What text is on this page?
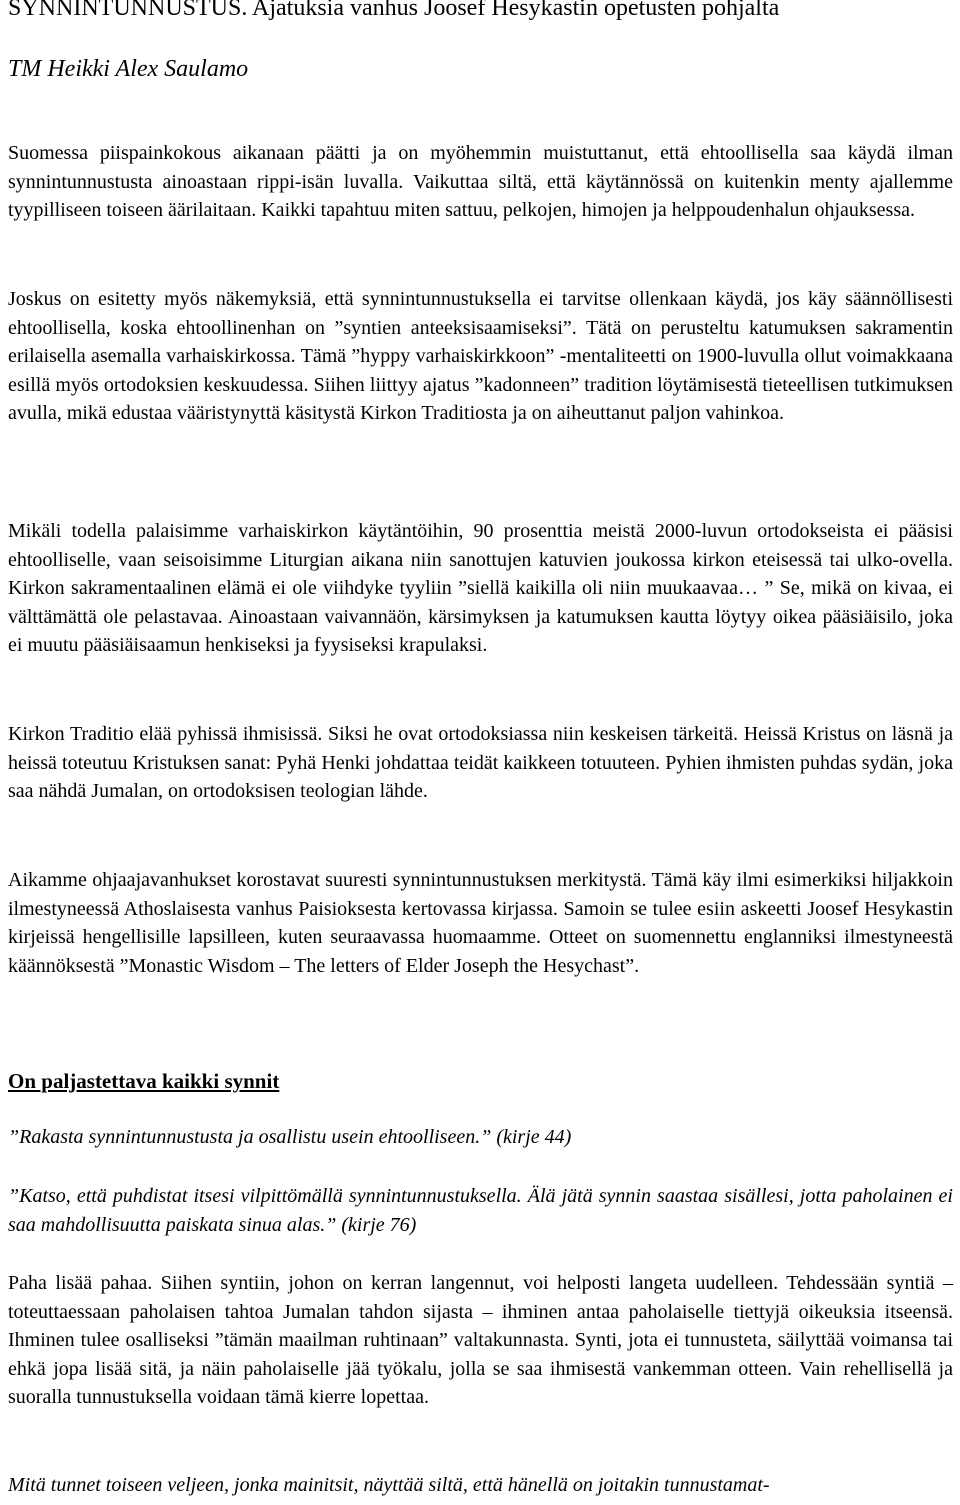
SYNNINTUNNUSTUS. Ajatuksia vanhus Joosef Hesykastin opetusten pohjalta
TM Heikki Alex Saulamo

Suomessa piispainkokous aikanaan päätti ja on myöhemmin muistuttanut, että ehtoollisella saa käydä ilman synnintunnustusta ainoastaan rippi-isän luvalla. Vaikuttaa siltä, että käytännössä on kuitenkin menty ajallemme tyypilliseen toiseen äärilaitaan. Kaikki tapahtuu miten sattuu, pelkojen, himojen ja helppoudenhalun ohjauksessa.

Joskus on esitetty myös näkemyksiä, että synnintunnustuksella ei tarvitse ollenkaan käydä, jos käy säännöllisesti ehtoollisella, koska ehtoollinenhan on ”syntien anteeksisaamiseksi”. Tätä on perusteltu katumuksen sakramentin erilaisella asemalla varhaiskirkossa. Tämä ”hyppy varhaiskirkkoon” -mentaliteetti on 1900-luvulla ollut voimakkaana esillä myös ortodoksien keskuudessa. Siihen liittyy ajatus ”kadonneen” tradition löytämisestä tieteellisen tutkimuksen avulla, mikä edustaa vääristynyttä käsitystä Kirkon Traditiosta ja on aiheuttanut paljon vahinkoa.

Mikäli todella palaisimme varhaiskirkon käytäntöihin, 90 prosenttia meistä 2000-luvun ortodokseista ei pääsisi ehtoolliselle, vaan seisoisimme Liturgian aikana niin sanottujen katuvien joukossa kirkon eteisessä tai ulko-ovella. Kirkon sakramentaalinen elämä ei ole viihdyke tyyliin ”siellä kaikilla oli niin muukaavaa… ” Se, mikä on kivaa, ei välttämättä ole pelastavaa. Ainoastaan vaivannäön, kärsimyksen ja katumuksen kautta löytyy oikea pääsiäisilo, joka ei muutu pääsiäisaamun henkiseksi ja fyysiseksi krapulaksi.

Kirkon Traditio elää pyhissä ihmisissä. Siksi he ovat ortodoksiassa niin keskeisen tärkeitä. Heissä Kristus on läsnä ja heissä toteutuu Kristuksen sanat: Pyhä Henki johdattaa teidät kaikkeen totuuteen. Pyhien ihmisten puhdas sydän, joka saa nähdä Jumalan, on ortodoksisen teologian lähde.

Aikamme ohjaajavanhukset korostavat suuresti synnintunnustuksen merkitystä. Tämä käy ilmi esimerkiksi hiljakkoin ilmestyneessä Athoslaisesta vanhus Paisioksesta kertovassa kirjassa. Samoin se tulee esiin askeetti Joosef Hesykastin kirjeissä hengellisille lapsilleen, kuten seuraavassa huomaamme. Otteet on suomennettu englanniksi ilmestyneestä käännöksestä ”Monastic Wisdom – The letters of Elder Joseph the Hesychast”.

On paljastettava kaikki synnit

”Rakasta synnintunnustusta ja osallistu usein ehtoolliseen.” (kirje 44)

”Katso, että puhdistat itsesi vilpittömällä synnintunnustuksella. Älä jätä synnin saastaa sisällesi, jotta paholainen ei saa mahdollisuutta paiskata sinua alas.” (kirje 76)

Paha lisää pahaa. Siihen syntiin, johon on kerran langennut, voi helposti langeta uudelleen. Tehdessään syntiä – toteuttaessaan paholaisen tahtoa Jumalan tahdon sijasta – ihminen antaa paholaiselle tiettyjä oikeuksia itseensä. Ihminen tulee osalliseksi ”tämän maailman ruhtinaan” valtakunnasta. Synti, jota ei tunnusteta, säilyttää voimansa tai ehkä jopa lisää sitä, ja näin paholaiselle jää työkalu, jolla se saa ihmisestä vankemman otteen. Vain rehellisellä ja suoralla tunnustuksella voidaan tämä kierre lopettaa.

Mitä tunnet toiseen veljeen, jonka mainitsit, näyttää siltä, että hänellä on joitakin tunnustamat-
